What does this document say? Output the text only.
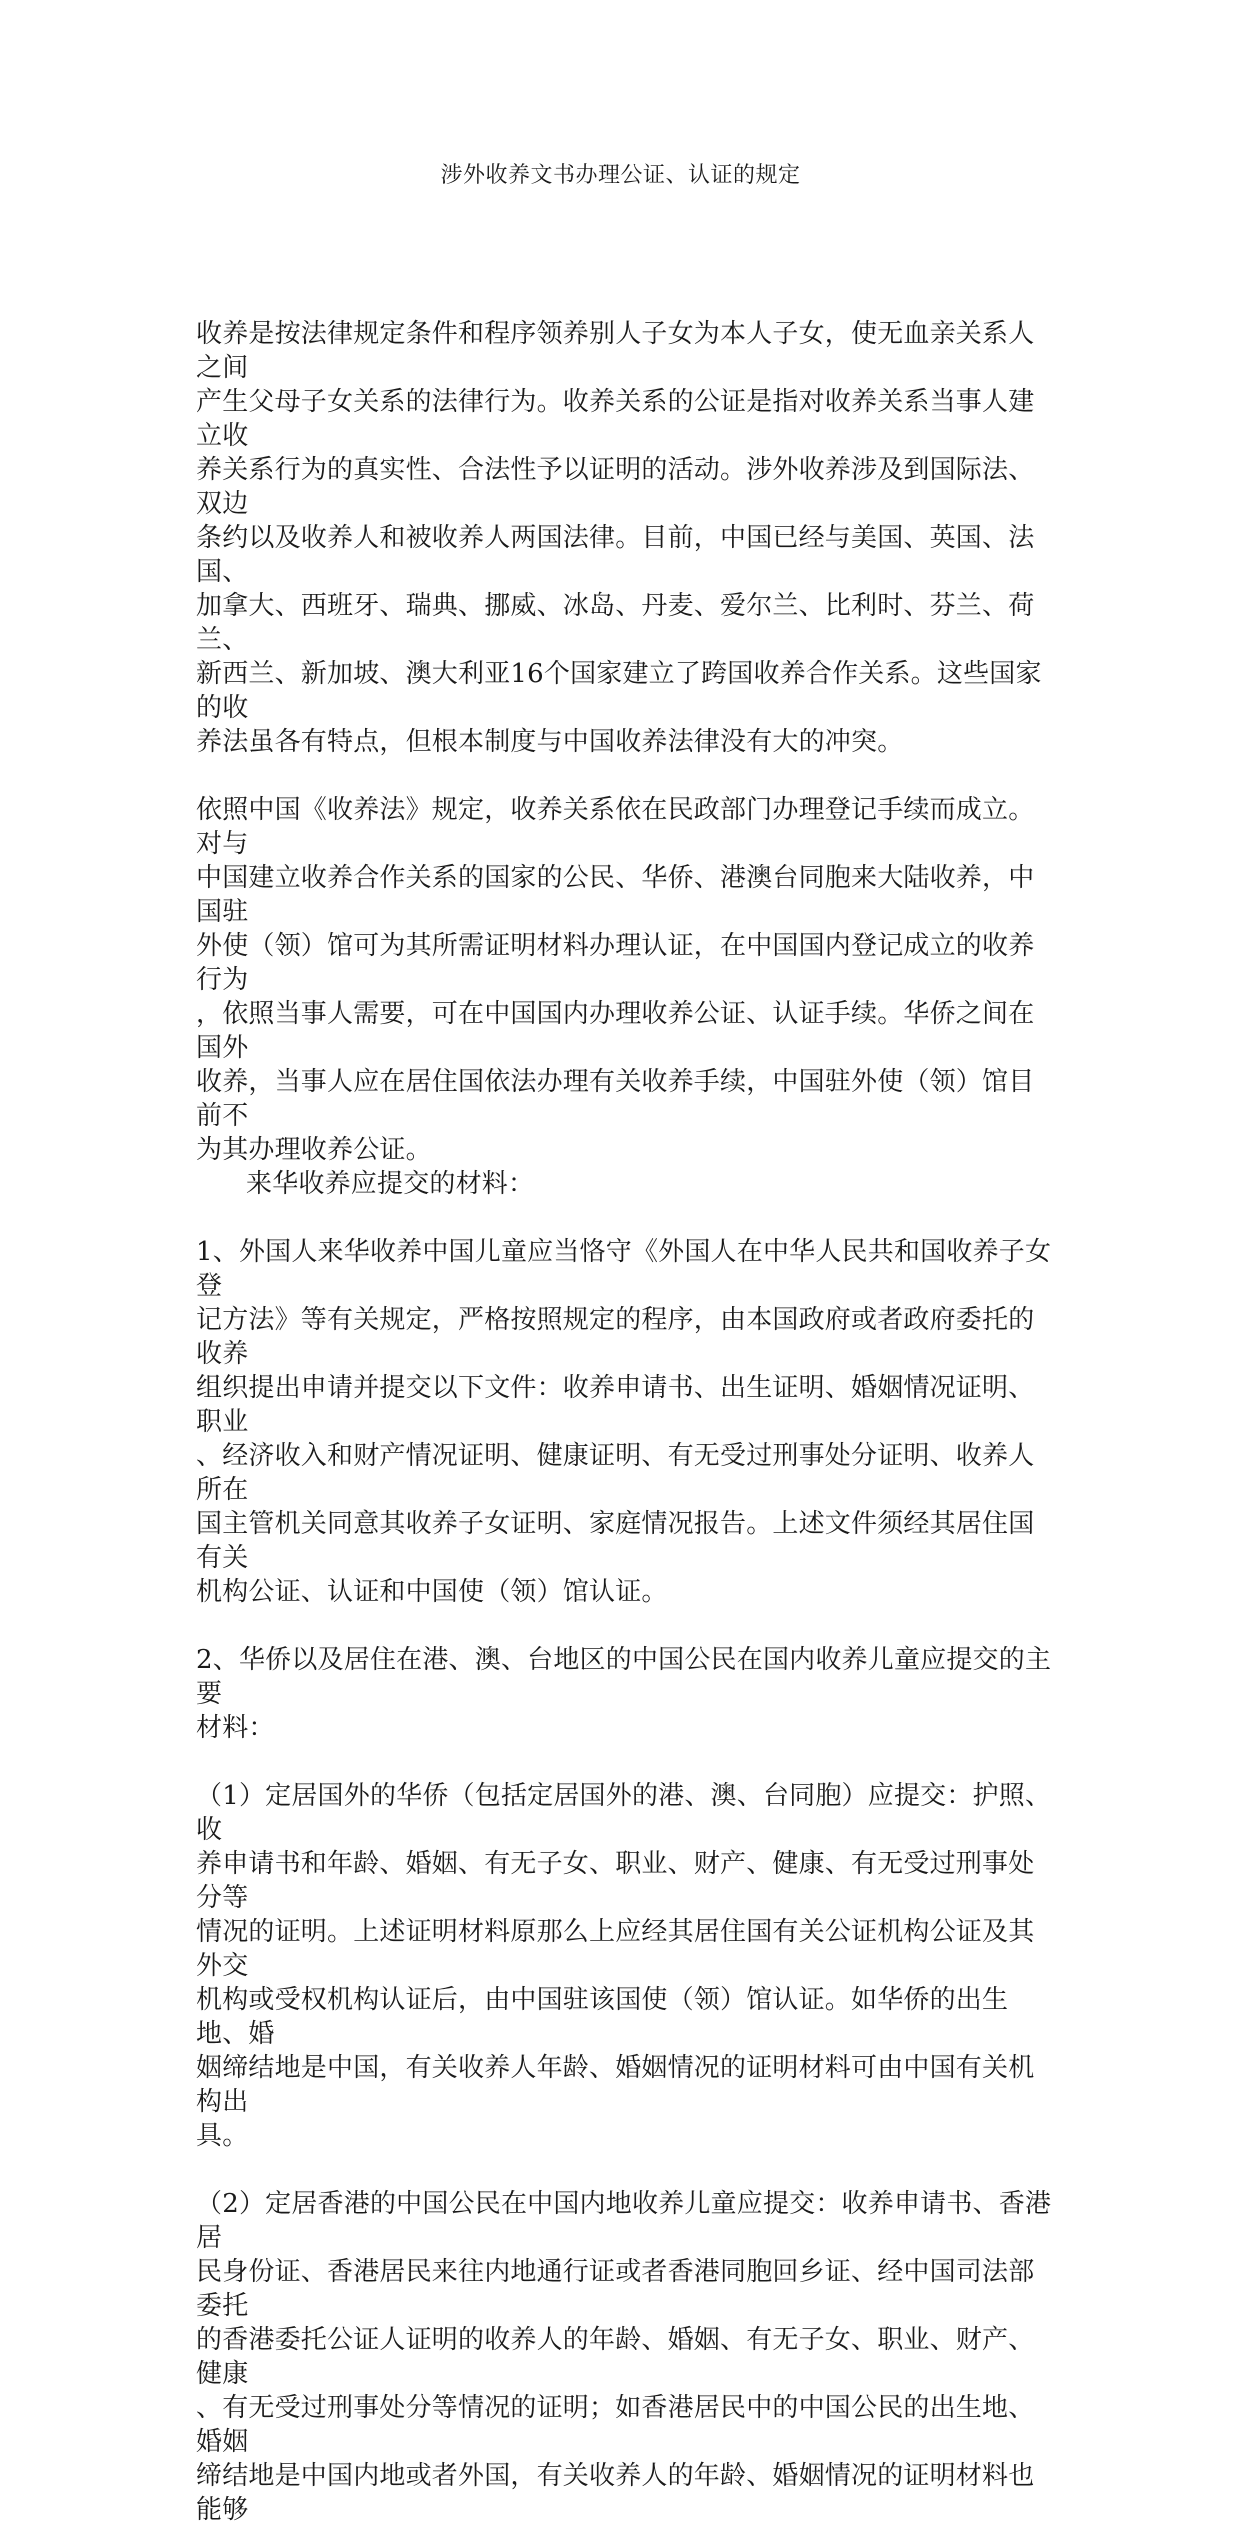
涉外收养文书办理公证、认证的规定

收养是按法律规定条件和程序领养别人子女为本人子女，使无血亲关系人之间
产生父母子女关系的法律行为。收养关系的公证是指对收养关系当事人建立收
养关系行为的真实性、合法性予以证明的活动。涉外收养涉及到国际法、双边
条约以及收养人和被收养人两国法律。目前，中国已经与美国、英国、法国、
加拿大、西班牙、瑞典、挪威、冰岛、丹麦、爱尔兰、比利时、芬兰、荷兰、
新西兰、新加坡、澳大利亚16个国家建立了跨国收养合作关系。这些国家的收
养法虽各有特点，但根本制度与中国收养法律没有大的冲突。

依照中国《收养法》规定，收养关系依在民政部门办理登记手续而成立。对与
中国建立收养合作关系的国家的公民、华侨、港澳台同胞来大陆收养，中国驻
外使（领）馆可为其所需证明材料办理认证，在中国国内登记成立的收养行为
，依照当事人需要，可在中国国内办理收养公证、认证手续。华侨之间在国外
收养，当事人应在居住国依法办理有关收养手续，中国驻外使（领）馆目前不
为其办理收养公证。

来华收养应提交的材料：

1、外国人来华收养中国儿童应当恪守《外国人在中华人民共和国收养子女登
记方法》等有关规定，严格按照规定的程序，由本国政府或者政府委托的收养
组织提出申请并提交以下文件：收养申请书、出生证明、婚姻情况证明、职业
、经济收入和财产情况证明、健康证明、有无受过刑事处分证明、收养人所在
国主管机关同意其收养子女证明、家庭情况报告。上述文件须经其居住国有关
机构公证、认证和中国使（领）馆认证。

2、华侨以及居住在港、澳、台地区的中国公民在国内收养儿童应提交的主要
材料：

（1）定居国外的华侨（包括定居国外的港、澳、台同胞）应提交：护照、收
养申请书和年龄、婚姻、有无子女、职业、财产、健康、有无受过刑事处分等
情况的证明。上述证明材料原那么上应经其居住国有关公证机构公证及其外交
机构或受权机构认证后，由中国驻该国使（领）馆认证。如华侨的出生地、婚
姻缔结地是中国，有关收养人年龄、婚姻情况的证明材料可由中国有关机构出
具。

（2）定居香港的中国公民在中国内地收养儿童应提交：收养申请书、香港居
民身份证、香港居民来往内地通行证或者香港同胞回乡证、经中国司法部委托
的香港委托公证人证明的收养人的年龄、婚姻、有无子女、职业、财产、健康
、有无受过刑事处分等情况的证明；如香港居民中的中国公民的出生地、婚姻
缔结地是中国内地或者外国，有关收养人的年龄、婚姻情况的证明材料也能够
